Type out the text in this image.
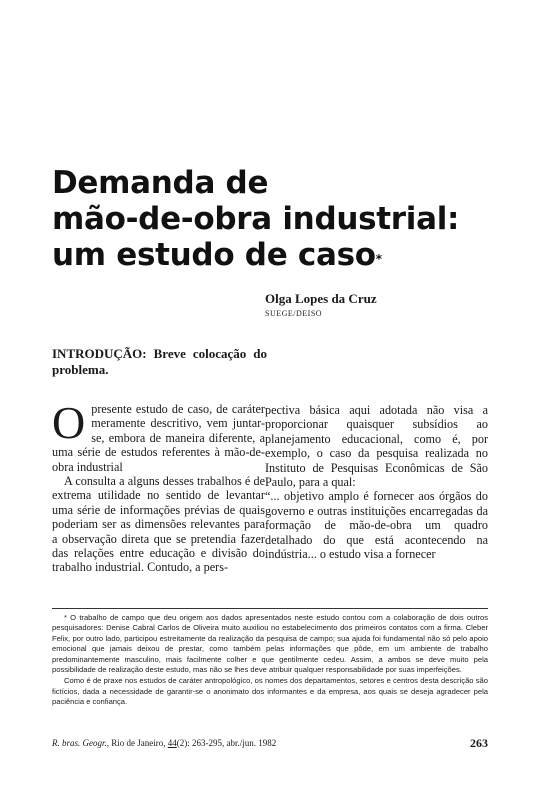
Demanda de
mão-de-obra industrial:
um estudo de caso*
Olga Lopes da Cruz
SUEGE/DEISO
INTRODUÇÃO: Breve colocação do problema.

Opresente estudo de caso, de caráter meramente descritivo, vem juntar-se, embora de maneira diferente, a uma série de estudos referentes à mão-de-obra industrial

A consulta a alguns desses trabalhos é de extrema utilidade no sentido de levantar uma série de informações prévias de quais poderiam ser as dimensões relevantes para a observação direta que se pretendia fazer das relações entre educação e divisão do trabalho industrial. Contudo, a pers-

pectiva básica aqui adotada não visa a proporcionar quaisquer subsídios ao planejamento educacional, como é, por exemplo, o caso da pesquisa realizada no Instituto de Pesquisas Econômicas de São Paulo, para a qual:

“... objetivo amplo é fornecer aos órgãos do governo e outras instituições encarregadas da formação de mão-de-obra um quadro detalhado do que está acontecendo na indústria... o estudo visa a fornecer

* O trabalho de campo que deu origem aos dados apresentados neste estudo contou com a colaboração de dois outros pesquisadores: Denise Cabral Carlos de Oliveira muito auxiliou no estabelecimento dos primeiros contatos com a firma. Cleber Felix, por outro lado, participou estreitamente da realização da pesquisa de campo; sua ajuda foi fundamental não só pelo apoio emocional que jamais deixou de prestar, como também pelas informações que pôde, em um ambiente de trabalho predominantemente masculino, mais facilmente colher e que gentilmente cedeu. Assim, a ambos se deve muito pela possibilidade de realização deste estudo, mas não se lhes deve atribuir qualquer responsabilidade por suas imperfeições.

Como é de praxe nos estudos de caráter antropológico, os nomes dos departamentos, setores e centros desta descrição são fictícios, dada a necessidade de garantir-se o anonimato dos informantes e da empresa, aos quais se deseja agradecer pela paciência e confiança.

R. bras. Geogr., Rio de Janeiro, 44(2): 263-295, abr./jun. 1982	263
